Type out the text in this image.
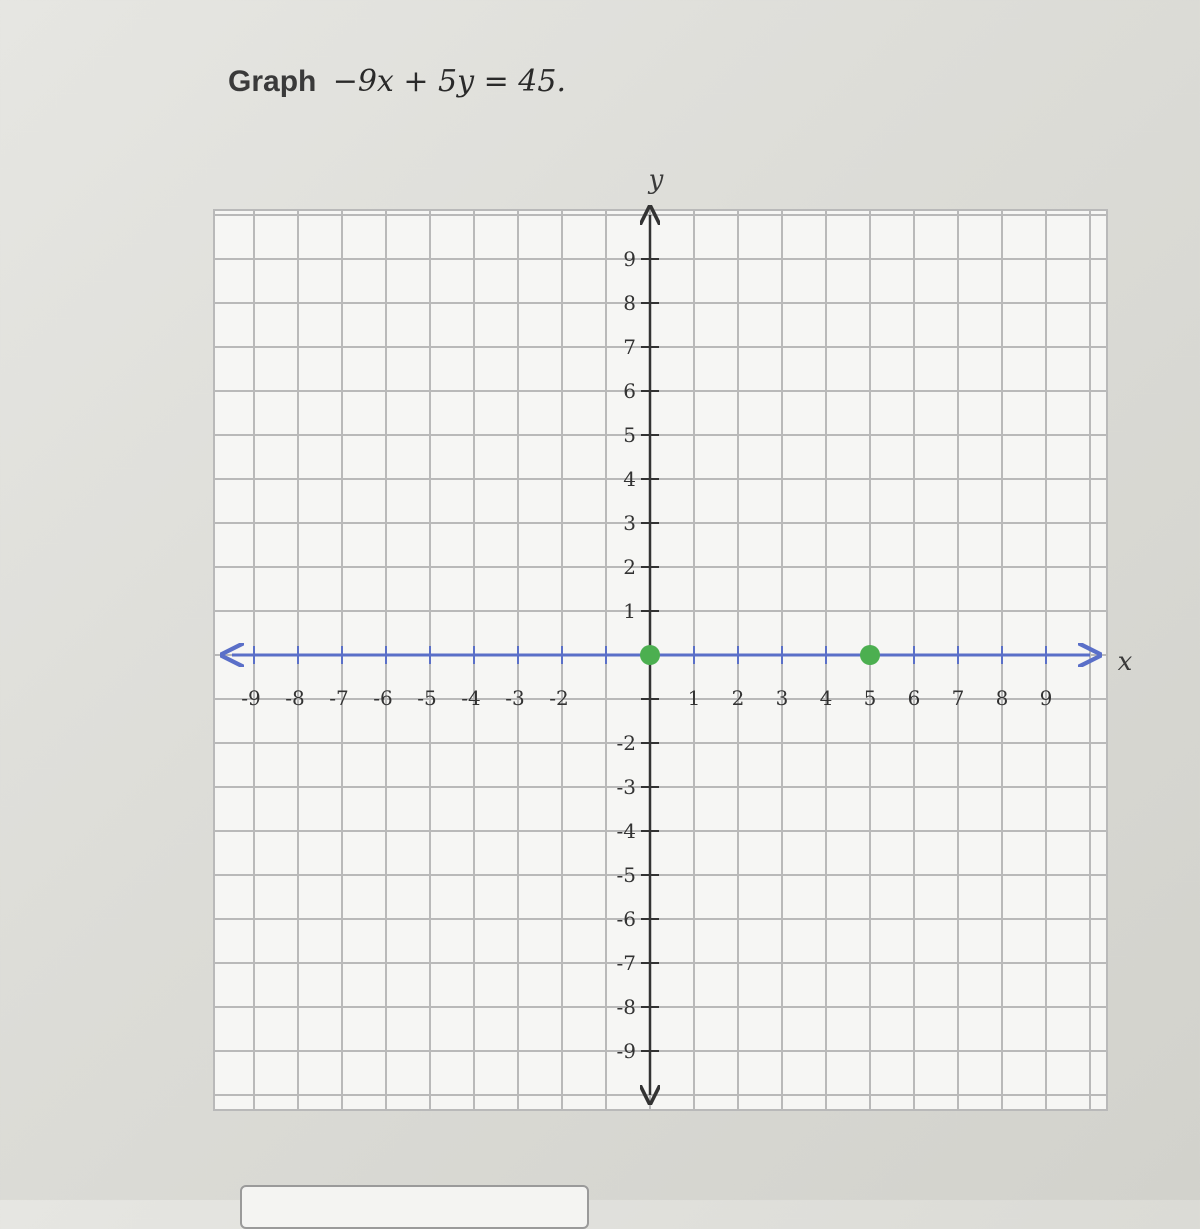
Graph −9x + 5y = 45.
-9 -8 -7 -6 -5 -4 -3 -2	1 2 3 4 5 6 7 8 9
9
8
7
6
5
4
3
2
1
-2
-3
-4
-5
-6
-7
-8
-9
y
x
